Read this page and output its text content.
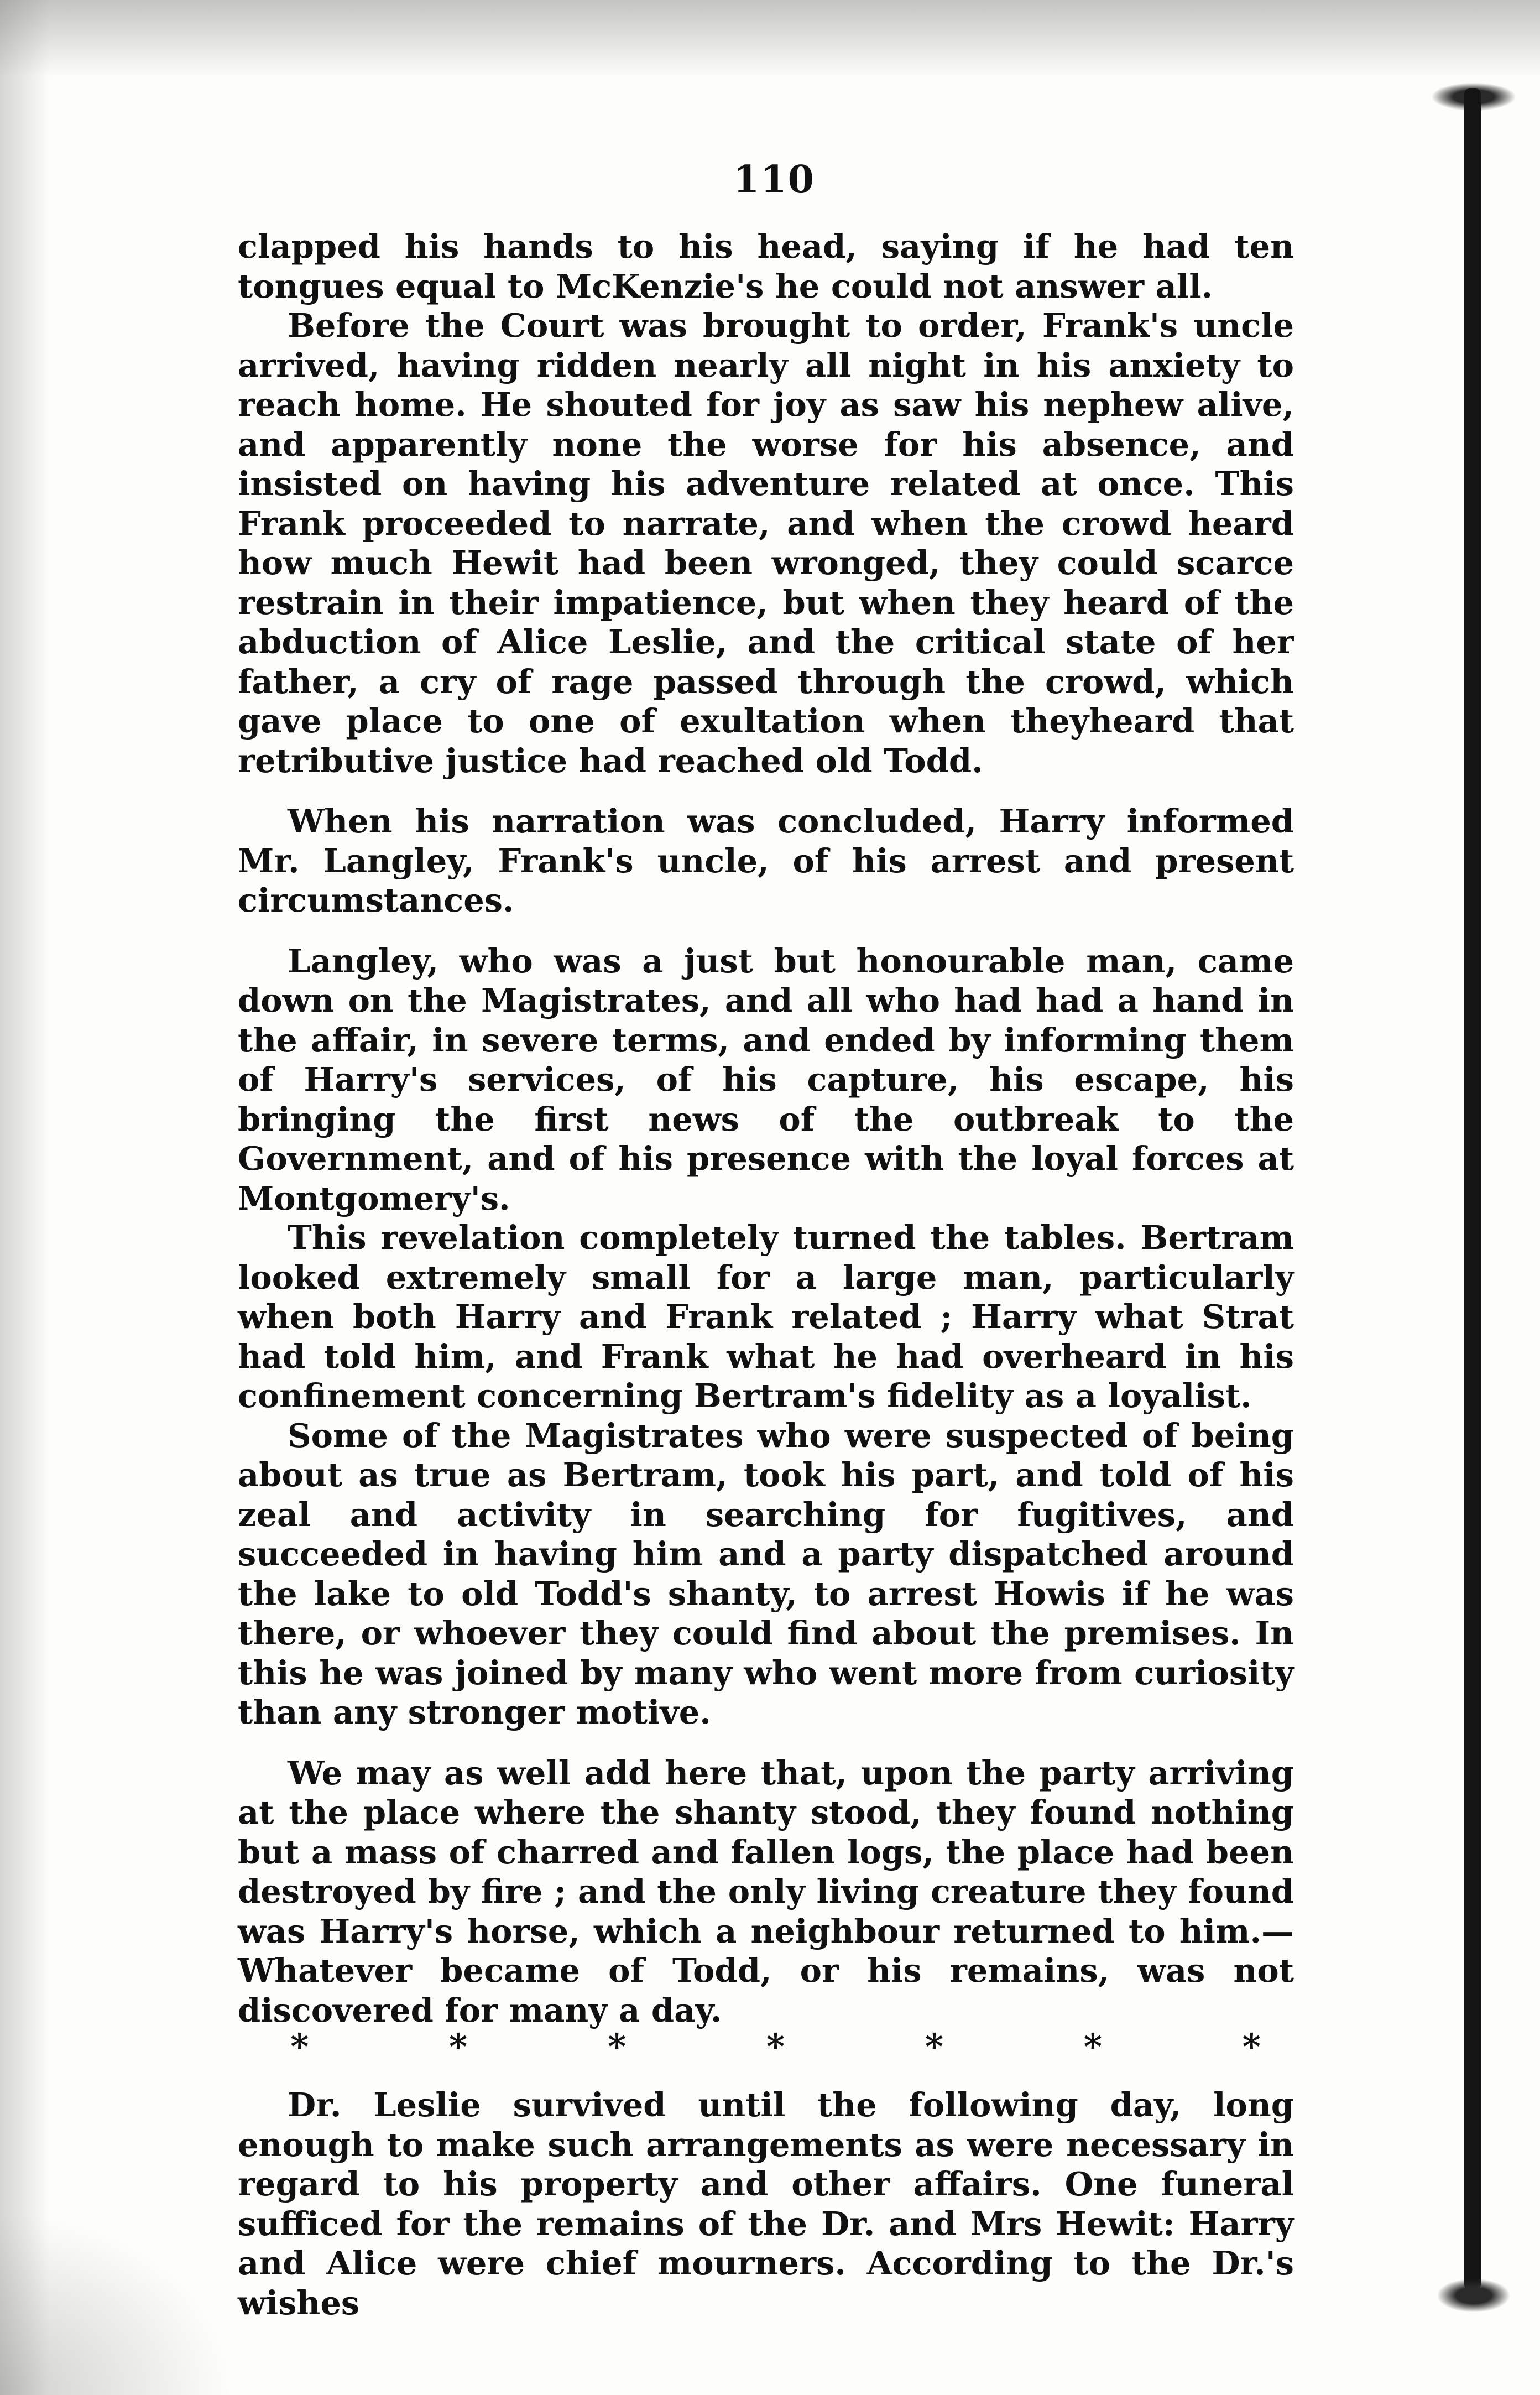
110

clapped his hands to his head, saying if he had ten tongues equal to McKenzie's he could not answer all.

Before the Court was brought to order, Frank's uncle arrived, having ridden nearly all night in his anxiety to reach home. He shouted for joy as saw his nephew alive, and apparently none the worse for his absence, and insisted on having his adventure related at once. This Frank proceeded to narrate, and when the crowd heard how much Hewit had been wronged, they could scarce restrain in their impatience, but when they heard of the abduction of Alice Leslie, and the critical state of her father, a cry of rage passed through the crowd, which gave place to one of exultation when theyheard that retributive justice had reached old Todd.

When his narration was concluded, Harry informed Mr. Langley, Frank's uncle, of his arrest and present circumstances.

Langley, who was a just but honourable man, came down on the Magistrates, and all who had had a hand in the affair, in severe terms, and ended by informing them of Harry's services, of his capture, his escape, his bringing the first news of the outbreak to the Government, and of his presence with the loyal forces at Montgomery's.

This revelation completely turned the tables. Bertram looked extremely small for a large man, particularly when both Harry and Frank related ; Harry what Strat had told him, and Frank what he had overheard in his confinement concerning Bertram's fidelity as a loyalist.

Some of the Magistrates who were suspected of being about as true as Bertram, took his part, and told of his zeal and activity in searching for fugitives, and succeeded in having him and a party dispatched around the lake to old Todd's shanty, to arrest Howis if he was there, or whoever they could find about the premises. In this he was joined by many who went more from curiosity than any stronger motive.

We may as well add here that, upon the party arriving at the place where the shanty stood, they found nothing but a mass of charred and fallen logs, the place had been destroyed by fire ; and the only living creature they found was Harry's horse, which a neighbour returned to him.— Whatever became of Todd, or his remains, was not discovered for many a day.

*	*	*	*	*	*	*

Dr. Leslie survived until the following day, long enough to make such arrangements as were necessary in regard to his property and other affairs. One funeral sufficed for the remains of the Dr. and Mrs Hewit: Harry and Alice were chief mourners. According to the Dr.'s wishes
